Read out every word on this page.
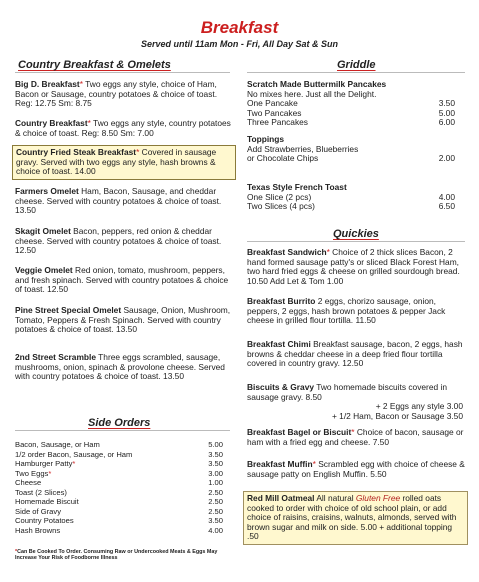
Breakfast
Served until 11am Mon - Fri, All Day Sat & Sun
Country Breakfast & Omelets
Big D. Breakfast* Two eggs any style, choice of Ham, Bacon or Sausage, country potatoes & choice of toast. Reg: 12.75 Sm: 8.75
Country Breakfast* Two eggs any style, country potatoes & choice of toast. Reg: 8.50 Sm: 7.00
Country Fried Steak Breakfast* Covered in sausage gravy. Served with two eggs any style, hash browns & choice of toast. 14.00
Farmers Omelet Ham, Bacon, Sausage, and cheddar cheese. Served with country potatoes & choice of toast. 13.50
Skagit Omelet Bacon, peppers, red onion & cheddar cheese. Served with country potatoes & choice of toast. 12.50
Veggie Omelet Red onion, tomato, mushroom, peppers, and fresh spinach. Served with country potatoes & choice of toast. 12.50
Pine Street Special Omelet Sausage, Onion, Mushroom, Tomato, Peppers & Fresh Spinach. Served with country potatoes & choice of toast. 13.50
2nd Street Scramble Three eggs scrambled, sausage, mushrooms, onion, spinach & provolone cheese. Served with country potatoes & choice of toast. 13.50
Side Orders
Bacon, Sausage, or Ham	5.00
1/2 order Bacon, Sausage, or Ham	3.50
Hamburger Patty*	3.50
Two Eggs*	3.00
Cheese	1.00
Toast (2 Slices)	2.50
Homemade Biscuit	2.50
Side of Gravy	2.50
Country Potatoes	3.50
Hash Browns	4.00
*Can Be Cooked To Order. Consuming Raw or Undercooked Meats & Eggs May
Increase Your Risk of Foodborne Illness
Griddle
Scratch Made Buttermilk Pancakes
No mixes here. Just all the Delight.
One Pancake	3.50
Two Pancakes	5.00
Three Pancakes	6.00
Toppings
Add Strawberries, Blueberries
or Chocolate Chips	2.00
Texas Style French Toast
One Slice (2 pcs)	4.00
Two Slices (4 pcs)	6.50
Quickies
Breakfast Sandwich* Choice of 2 thick slices Bacon, 2 hand formed sausage patty's or sliced Black Forest Ham, two hard fried eggs & cheese on grilled sourdough bread. 10.50 Add Let & Tom 1.00
Breakfast Burrito 2 eggs, chorizo sausage, onion, peppers, 2 eggs, hash brown potatoes & pepper Jack cheese in grilled flour tortilla. 11.50
Breakfast Chimi Breakfast sausage, bacon, 2 eggs, hash browns & cheddar cheese in a deep fried flour tortilla covered in country gravy. 12.50
Biscuits & Gravy Two homemade biscuits covered in sausage gravy. 8.50
+ 2 Eggs any style 3.00
+ 1/2 Ham, Bacon or Sausage 3.50
Breakfast Bagel or Biscuit* Choice of bacon, sausage or ham with a fried egg and cheese. 7.50
Breakfast Muffin* Scrambled egg with choice of cheese & sausage patty on English Muffin. 5.50
Red Mill Oatmeal All natural Gluten Free rolled oats cooked to order with choice of old school plain, or add choice of raisins, craisins, walnuts, almonds, served with brown sugar and milk on side. 5.00 + additional topping .50
